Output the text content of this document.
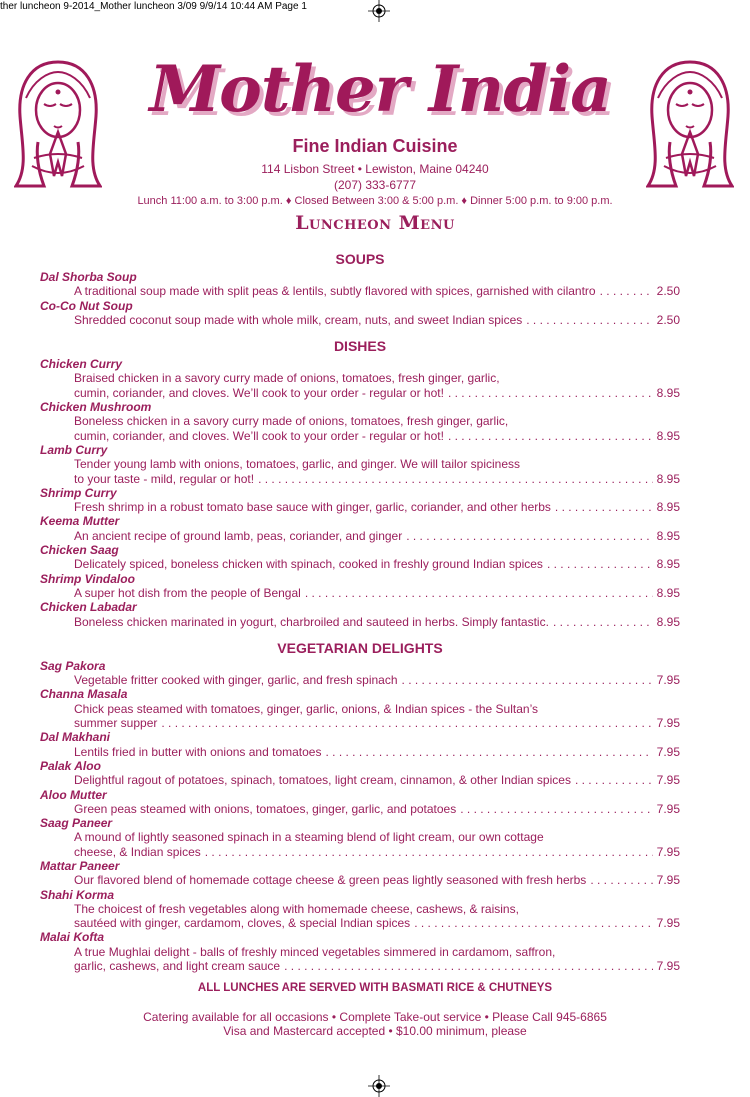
ther luncheon 9-2014_Mother luncheon 3/09 9/9/14 10:44 AM Page 1
Mother India
Fine Indian Cuisine
114 Lisbon Street • Lewiston, Maine 04240
(207) 333-6777
Lunch 11:00 a.m. to 3:00 p.m. ♦ Closed Between 3:00 & 5:00 p.m. ♦ Dinner 5:00 p.m. to 9:00 p.m.
Luncheon Menu
SOUPS
Dal Shorba Soup
A traditional soup made with split peas & lentils, subtly flavored with spices, garnished with cilantro . . .	2.50
Co-Co Nut Soup
Shredded coconut soup made with whole milk, cream, nuts, and sweet Indian spices . . .	2.50
DISHES
Chicken Curry
Braised chicken in a savory curry made of onions, tomatoes, fresh ginger, garlic,
cumin, coriander, and cloves. We’ll cook to your order - regular or hot! . . .	8.95
Chicken Mushroom
Boneless chicken in a savory curry made of onions, tomatoes, fresh ginger, garlic,
cumin, coriander, and cloves. We’ll cook to your order - regular or hot! . . .	8.95
Lamb Curry
Tender young lamb with onions, tomatoes, garlic, and ginger. We will tailor spiciness
to your taste - mild, regular or hot! . . .	8.95
Shrimp Curry
Fresh shrimp in a robust tomato base sauce with ginger, garlic, coriander, and other herbs . . .	8.95
Keema Mutter
An ancient recipe of ground lamb, peas, coriander, and ginger . . .	8.95
Chicken Saag
Delicately spiced, boneless chicken with spinach, cooked in freshly ground Indian spices . . .	8.95
Shrimp Vindaloo
A super hot dish from the people of Bengal . . .	8.95
Chicken Labadar
Boneless chicken marinated in yogurt, charbroiled and sauteed in herbs. Simply fantastic. . . .	8.95
VEGETARIAN DELIGHTS
Sag Pakora
Vegetable fritter cooked with ginger, garlic, and fresh spinach . . .	7.95
Channa Masala
Chick peas steamed with tomatoes, ginger, garlic, onions, & Indian spices - the Sultan’s
summer supper . . .	7.95
Dal Makhani
Lentils fried in butter with onions and tomatoes . . .	7.95
Palak Aloo
Delightful ragout of potatoes, spinach, tomatoes, light cream, cinnamon, & other Indian spices . . .	7.95
Aloo Mutter
Green peas steamed with onions, tomatoes, ginger, garlic, and potatoes . . .	7.95
Saag Paneer
A mound of lightly seasoned spinach in a steaming blend of light cream, our own cottage
cheese, & Indian spices . . .	7.95
Mattar Paneer
Our flavored blend of homemade cottage cheese & green peas lightly seasoned with fresh herbs . . .	7.95
Shahi Korma
The choicest of fresh vegetables along with homemade cheese, cashews, & raisins,
sautéed with ginger, cardamom, cloves, & special Indian spices . . .	7.95
Malai Kofta
A true Mughlai delight - balls of freshly minced vegetables simmered in cardamom, saffron,
garlic, cashews, and light cream sauce . . .	7.95
ALL LUNCHES ARE SERVED WITH BASMATI RICE & CHUTNEYS
Catering available for all occasions • Complete Take-out service • Please Call 945-6865
Visa and Mastercard accepted • $10.00 minimum, please
